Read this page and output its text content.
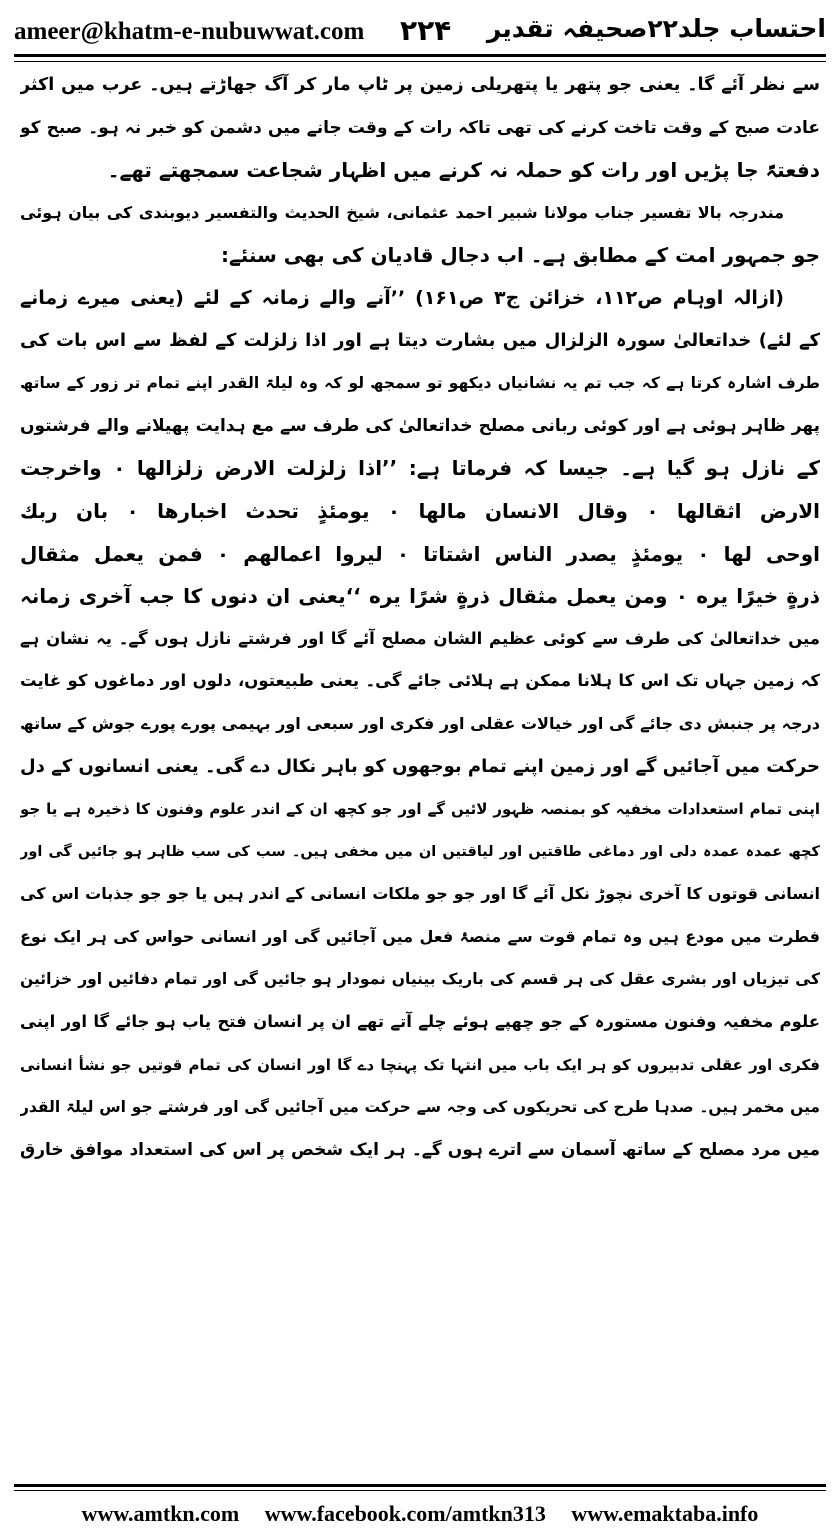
ameer@khatm-e-nubuwwat.com ۲۲۴ احتساب جلد۲۲صحیفہ تقدیر
سے نظر آئے گا۔ یعنی جو پتھر یا پتھریلی زمین پر ٹاپ مار کر آگ جھاڑتے ہیں۔ عرب میں اکثر
عادت صبح کے وقت تاخت کرنے کی تھی تاکہ رات کے وقت جانے میں دشمن کو خبر نہ ہو۔ صبح کو
دفعتہً جا پڑیں اور رات کو حملہ نہ کرنے میں اظہار شجاعت سمجھتے تھے۔
مندرجہ بالا تفسیر جناب مولانا شبیر احمد عثمانی، شیخ الحدیث والتفسیر دیوبندی کی بیان ہوئی
جو جمہور امت کے مطابق ہے۔ اب دجال قادیان کی بھی سنئے:
(ازالہ اوہام ص۱۱۲، خزائن ج۳ ص۱۶۱) ’’آنے والے زمانہ کے لئے (یعنی میرے زمانے
کے لئے) خداتعالیٰ سورہ الزلزال میں بشارت دیتا ہے اور اذا زلزلت کے لفظ سے اس بات کی
طرف اشارہ کرتا ہے کہ جب تم یہ نشانیاں دیکھو تو سمجھ لو کہ وہ لیلۃ القدر اپنے تمام تر زور کے ساتھ
پھر ظاہر ہوئی ہے اور کوئی ربانی مصلح خداتعالیٰ کی طرف سے مع ہدایت پھیلانے والے فرشتوں
کے نازل ہو گیا ہے۔ جیسا کہ فرماتا ہے: ’’اذا زلزلت الارض زلزالها ۰ واخرجت
الارض اثقالها ۰ وقال الانسان مالها ۰ يومئذٍ تحدث اخبارها ۰ بان ربك
اوحى لها ۰ يومئذٍ يصدر الناس اشتاتا ۰ ليروا اعمالهم ۰ فمن يعمل مثقال
ذرةٍ خيرًا يره ۰ ومن يعمل مثقال ذرةٍ شرًا يره ‘‘یعنی ان دنوں کا جب آخری زمانہ
میں خداتعالیٰ کی طرف سے کوئی عظیم الشان مصلح آئے گا اور فرشتے نازل ہوں گے۔ یہ نشان ہے
کہ زمین جہاں تک اس کا ہلانا ممکن ہے ہلائی جائے گی۔ یعنی طبیعتوں، دلوں اور دماغوں کو غایت
درجہ پر جنبش دی جائے گی اور خیالات عقلی اور فکری اور سبعی اور بہیمی پورے پورے جوش کے ساتھ
حرکت میں آجائیں گے اور زمین اپنے تمام بوجھوں کو باہر نکال دے گی۔ یعنی انسانوں کے دل
اپنی تمام استعدادات مخفیہ کو بمنصہ ظہور لائیں گے اور جو کچھ ان کے اندر علوم وفنون کا ذخیرہ ہے یا جو
کچھ عمدہ عمدہ دلی اور دماغی طاقتیں اور لیاقتیں ان میں مخفی ہیں۔ سب کی سب ظاہر ہو جائیں گی اور
انسانی قوتوں کا آخری نچوڑ نکل آئے گا اور جو جو ملکات انسانی کے اندر ہیں یا جو جو جذبات اس کی
فطرت میں مودع ہیں وہ تمام قوت سے منصۂ فعل میں آجائیں گی اور انسانی حواس کی ہر ایک نوع
کی تیزیاں اور بشری عقل کی ہر قسم کی باریک بینیاں نمودار ہو جائیں گی اور تمام دفائیں اور خزائین
علوم مخفیہ وفنون مستورہ کے جو چھپے ہوئے چلے آتے تھے ان پر انسان فتح یاب ہو جائے گا اور اپنی
فکری اور عقلی تدبیروں کو ہر ایک باب میں انتہا تک پہنچا دے گا اور انسان کی تمام قوتیں جو نشأ انسانی
میں مخمر ہیں۔ صدہا طرح کی تحریکوں کی وجہ سے حرکت میں آجائیں گی اور فرشتے جو اس لیلۃ القدر
میں مرد مصلح کے ساتھ آسمان سے اترے ہوں گے۔ ہر ایک شخص پر اس کی استعداد موافق خارق
www.amtkn.com www.facebook.com/amtkn313 www.emaktaba.info
